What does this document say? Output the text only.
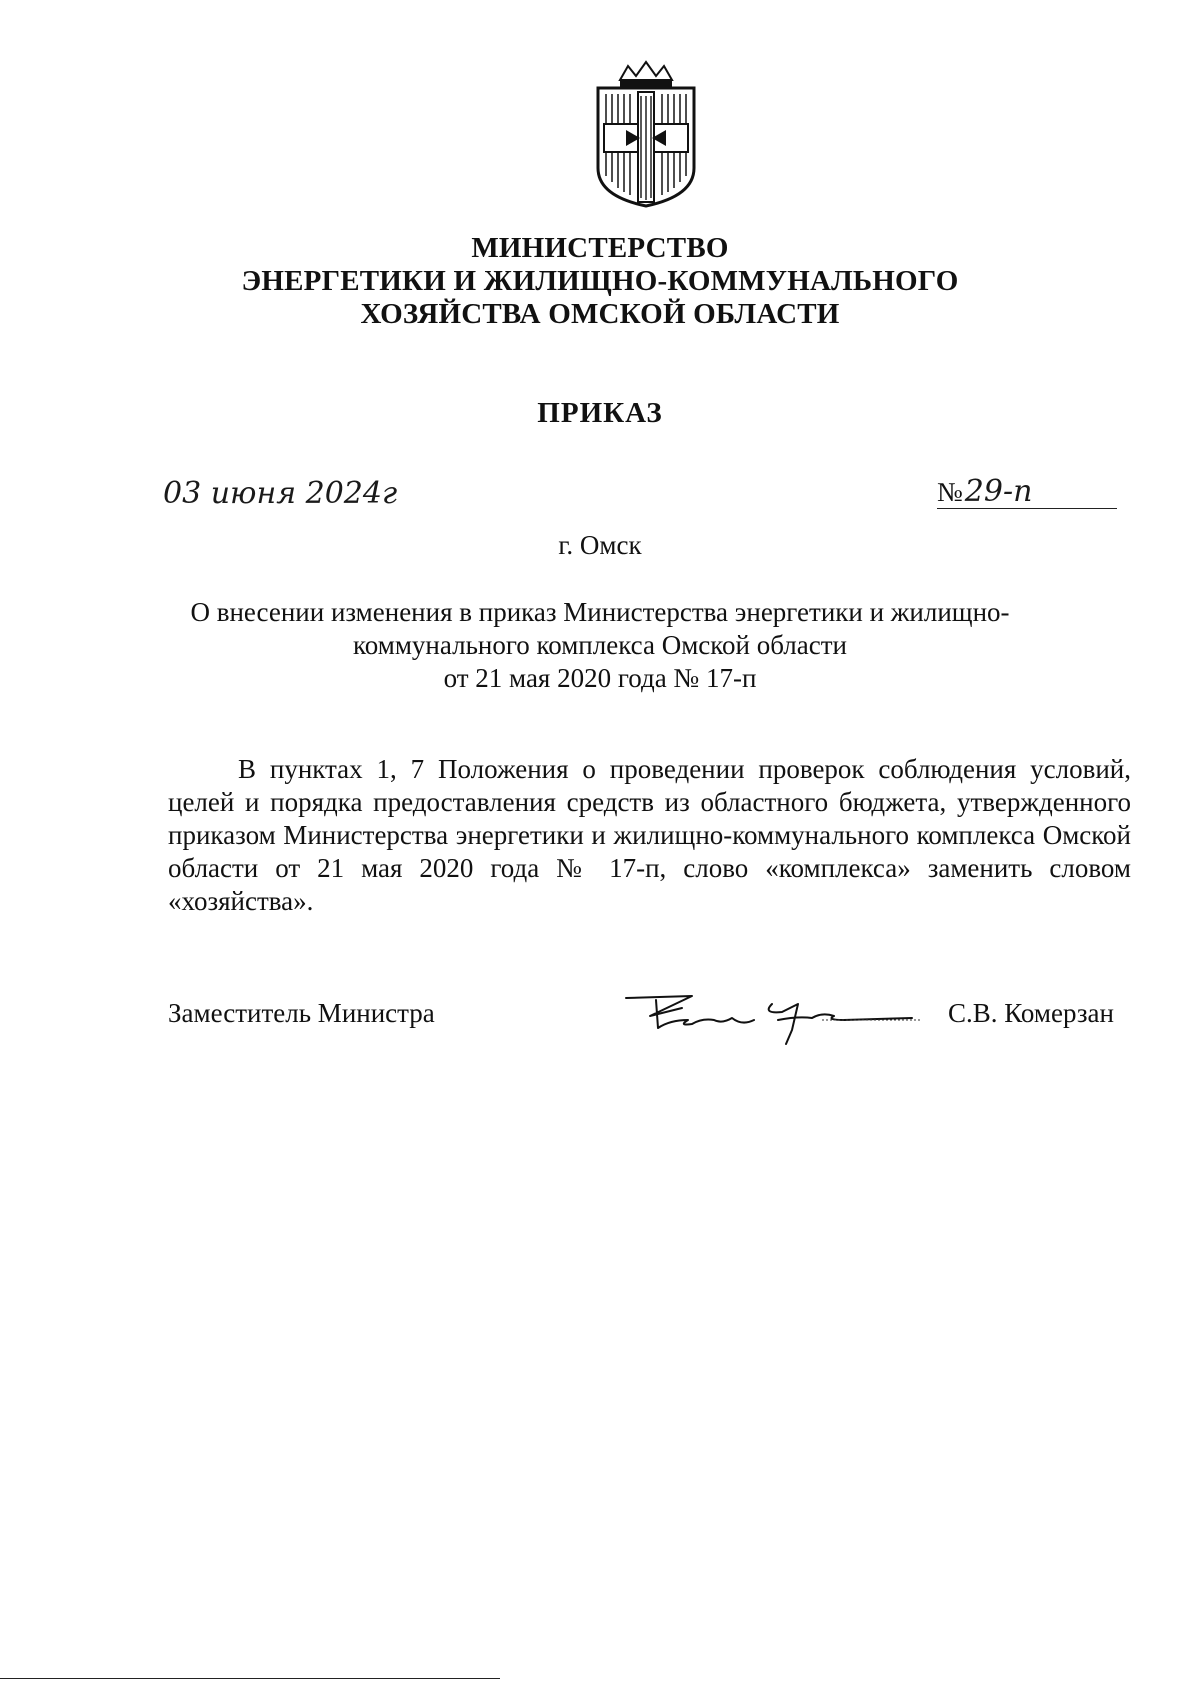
МИНИСТЕРСТВО
ЭНЕРГЕТИКИ И ЖИЛИЩНО-КОММУНАЛЬНОГО
ХОЗЯЙСТВА ОМСКОЙ ОБЛАСТИ
ПРИКАЗ
03 июня 2024г	№29-п
г. Омск
О внесении изменения в приказ Министерства энергетики и жилищно-
коммунального комплекса Омской области
от 21 мая 2020 года № 17-п
В пунктах 1, 7 Положения о проведении проверок соблюдения условий, целей и порядка предоставления средств из областного бюджета, утвержденного приказом Министерства энергетики и жилищно-коммунального комплекса Омской области от 21 мая 2020 года № 17-п, слово «комплекса» заменить словом «хозяйства».
Заместитель Министра	С.В. Комерзан
